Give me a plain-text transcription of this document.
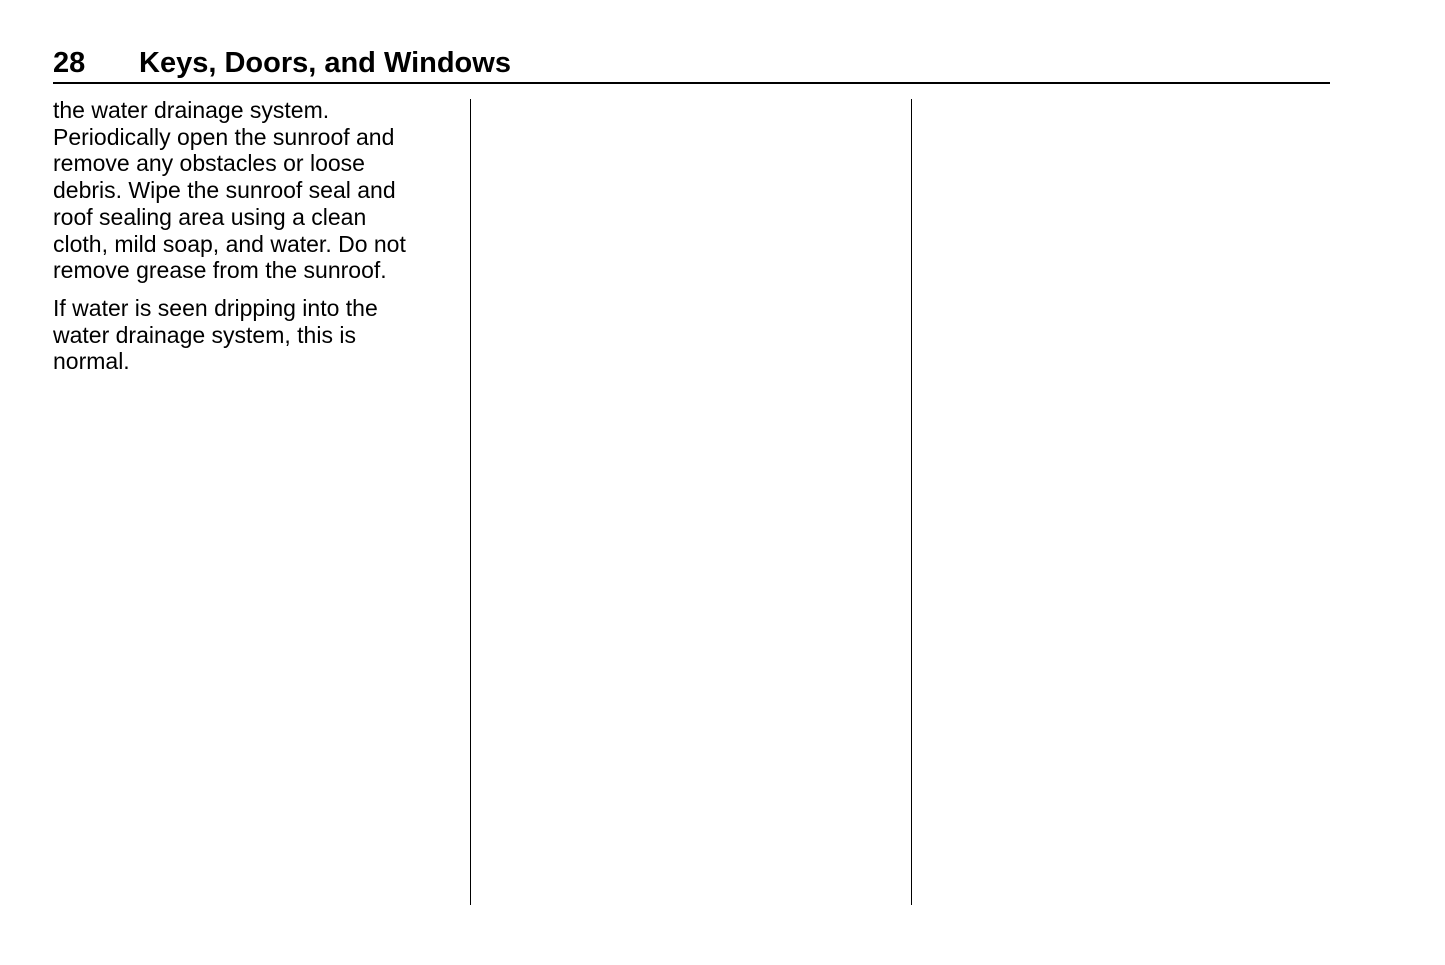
28 Keys, Doors, and Windows

the water drainage system.
Periodically open the sunroof and
remove any obstacles or loose
debris. Wipe the sunroof seal and
roof sealing area using a clean
cloth, mild soap, and water. Do not
remove grease from the sunroof.

If water is seen dripping into the
water drainage system, this is
normal.
